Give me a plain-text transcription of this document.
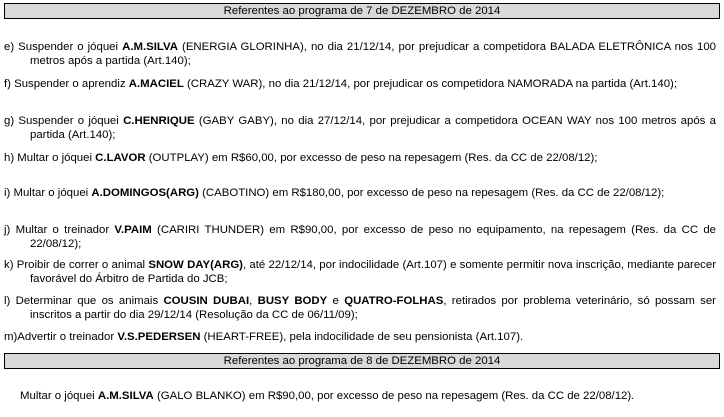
Referentes ao programa de 7 de DEZEMBRO de 2014

e) Suspender o jóquei A.M.SILVA (ENERGIA GLORINHA), no dia 21/12/14, por prejudicar a competidora BALADA ELETRÔNICA nos 100 metros após a partida (Art.140);

f) Suspender o aprendiz A.MACIEL (CRAZY WAR), no dia 21/12/14, por prejudicar os competidora NAMORADA na partida (Art.140);

g) Suspender o jóquei C.HENRIQUE (GABY GABY), no dia 27/12/14, por prejudicar a competidora OCEAN WAY nos 100 metros após a partida (Art.140);

h) Multar o jóquei C.LAVOR (OUTPLAY) em R$60,00, por excesso de peso na repesagem (Res. da CC de 22/08/12);

i) Multar o jóquei A.DOMINGOS(ARG) (CABOTINO) em R$180,00, por excesso de peso na repesagem (Res. da CC de 22/08/12);

j) Multar o treinador V.PAIM (CARIRI THUNDER) em R$90,00, por excesso de peso no equipamento, na repesagem (Res. da CC de 22/08/12);

k) Proibir de correr o animal SNOW DAY(ARG), até 22/12/14, por indocilidade (Art.107) e somente permitir nova inscrição, mediante parecer favorável do Árbitro de Partida do JCB;

l) Determinar que os animais COUSIN DUBAI, BUSY BODY e QUATRO-FOLHAS, retirados por problema veterinário, só possam ser inscritos a partir do dia 29/12/14 (Resolução da CC de 06/11/09);

m)Advertir o treinador V.S.PEDERSEN (HEART-FREE), pela indocilidade de seu pensionista (Art.107).

Referentes ao programa de 8 de DEZEMBRO de 2014

Multar o jóquei A.M.SILVA (GALO BLANKO) em R$90,00, por excesso de peso na repesagem (Res. da CC de 22/08/12).
